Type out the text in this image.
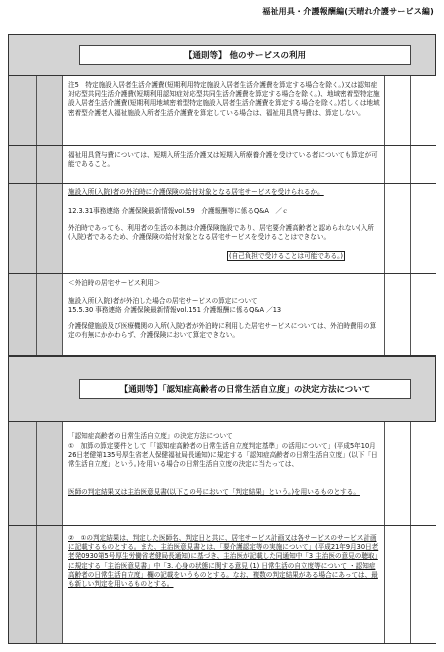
福祉用具・介護報酬編(天晴れ介護サービス編)
【通則等】 他のサービスの利用
注5　特定施設入居者生活介護費(短期利用特定施設入居者生活介護費を算定する場合を除く。)又は認知症対応型共同生活介護費(短期利用認知症対応型共同生活介護費を算定する場合を除く。)、地域密着型特定施設入居者生活介護費(短期利用地域密着型特定施設入居者生活介護費を算定する場合を除く。)若しくは地域密着型介護老人福祉施設入所者生活介護費を算定している場合は、福祉用具貸与費は、算定しない。
福祉用具貸与費については、短期入所生活介護又は短期入所療養介護を受けている者についても算定が可能であること。
施設入所(入院)者の外泊時に介護保険の給付対象となる居宅サービスを受けられるか。
12.3.31事務連絡 介護保険最新情報vol.59　介護報酬等に係るQ&A　／ｃ
外泊時であっても、利用者の生活の本拠は介護保険施設であり、居宅要介護高齢者と認められない(入所(入院)者であるため、介護保険の給付対象となる居宅サービスを受けることはできない。
(自己負担で受けることは可能である。)
＜外泊時の居宅サービス利用＞
施設入所(入院)者が外泊した場合の居宅サービスの算定について
15.5.30 事務連絡 介護保険最新情報vol.151 介護報酬に係るQ&A ／13
介護保健施設及び医療機関の入所(入院)者が外泊時に利用した居宅サービスについては、外泊時費用の算定の有無にかかわらず、介護保険において算定できない。
【通則等】「認知症高齢者の日常生活自立度」の決定方法について
「認知症高齢者の日常生活自立度」の決定方法について
①　加算の算定要件として「「認知症高齢者の日常生活自立度判定基準」の活用について」(平成5年10月26日老健第135号厚生省老人保健福祉局長通知)に規定する「認知症高齢者の日常生活自立度」(以下「日常生活自立度」という。)を用いる場合の日常生活自立度の決定に当たっては、
医師の判定結果又は主治医意見書(以下この号において「判定結果」という。)を用いるものとする。
②　①の判定結果は、判定した医師名、判定日と共に、居宅サービス計画又は各サービスのサービス計画に記載するものとする。また、主治医意見書とは、「要介護認定等の実施について」(平成21年9月30日老老発0930第5号厚生労働省老健局長通知)に基づき、主治医が記載した同通知中「3 主治医の意見の聴取」に規定する「主治医意見書」中「3. 心身の状態に関する意見 (1) 日常生活の自立度等について ・認知症高齢者の日常生活自立度」欄の記載をいうものとする。なお、複数の判定結果がある場合にあっては、最も新しい判定を用いるものとする。
